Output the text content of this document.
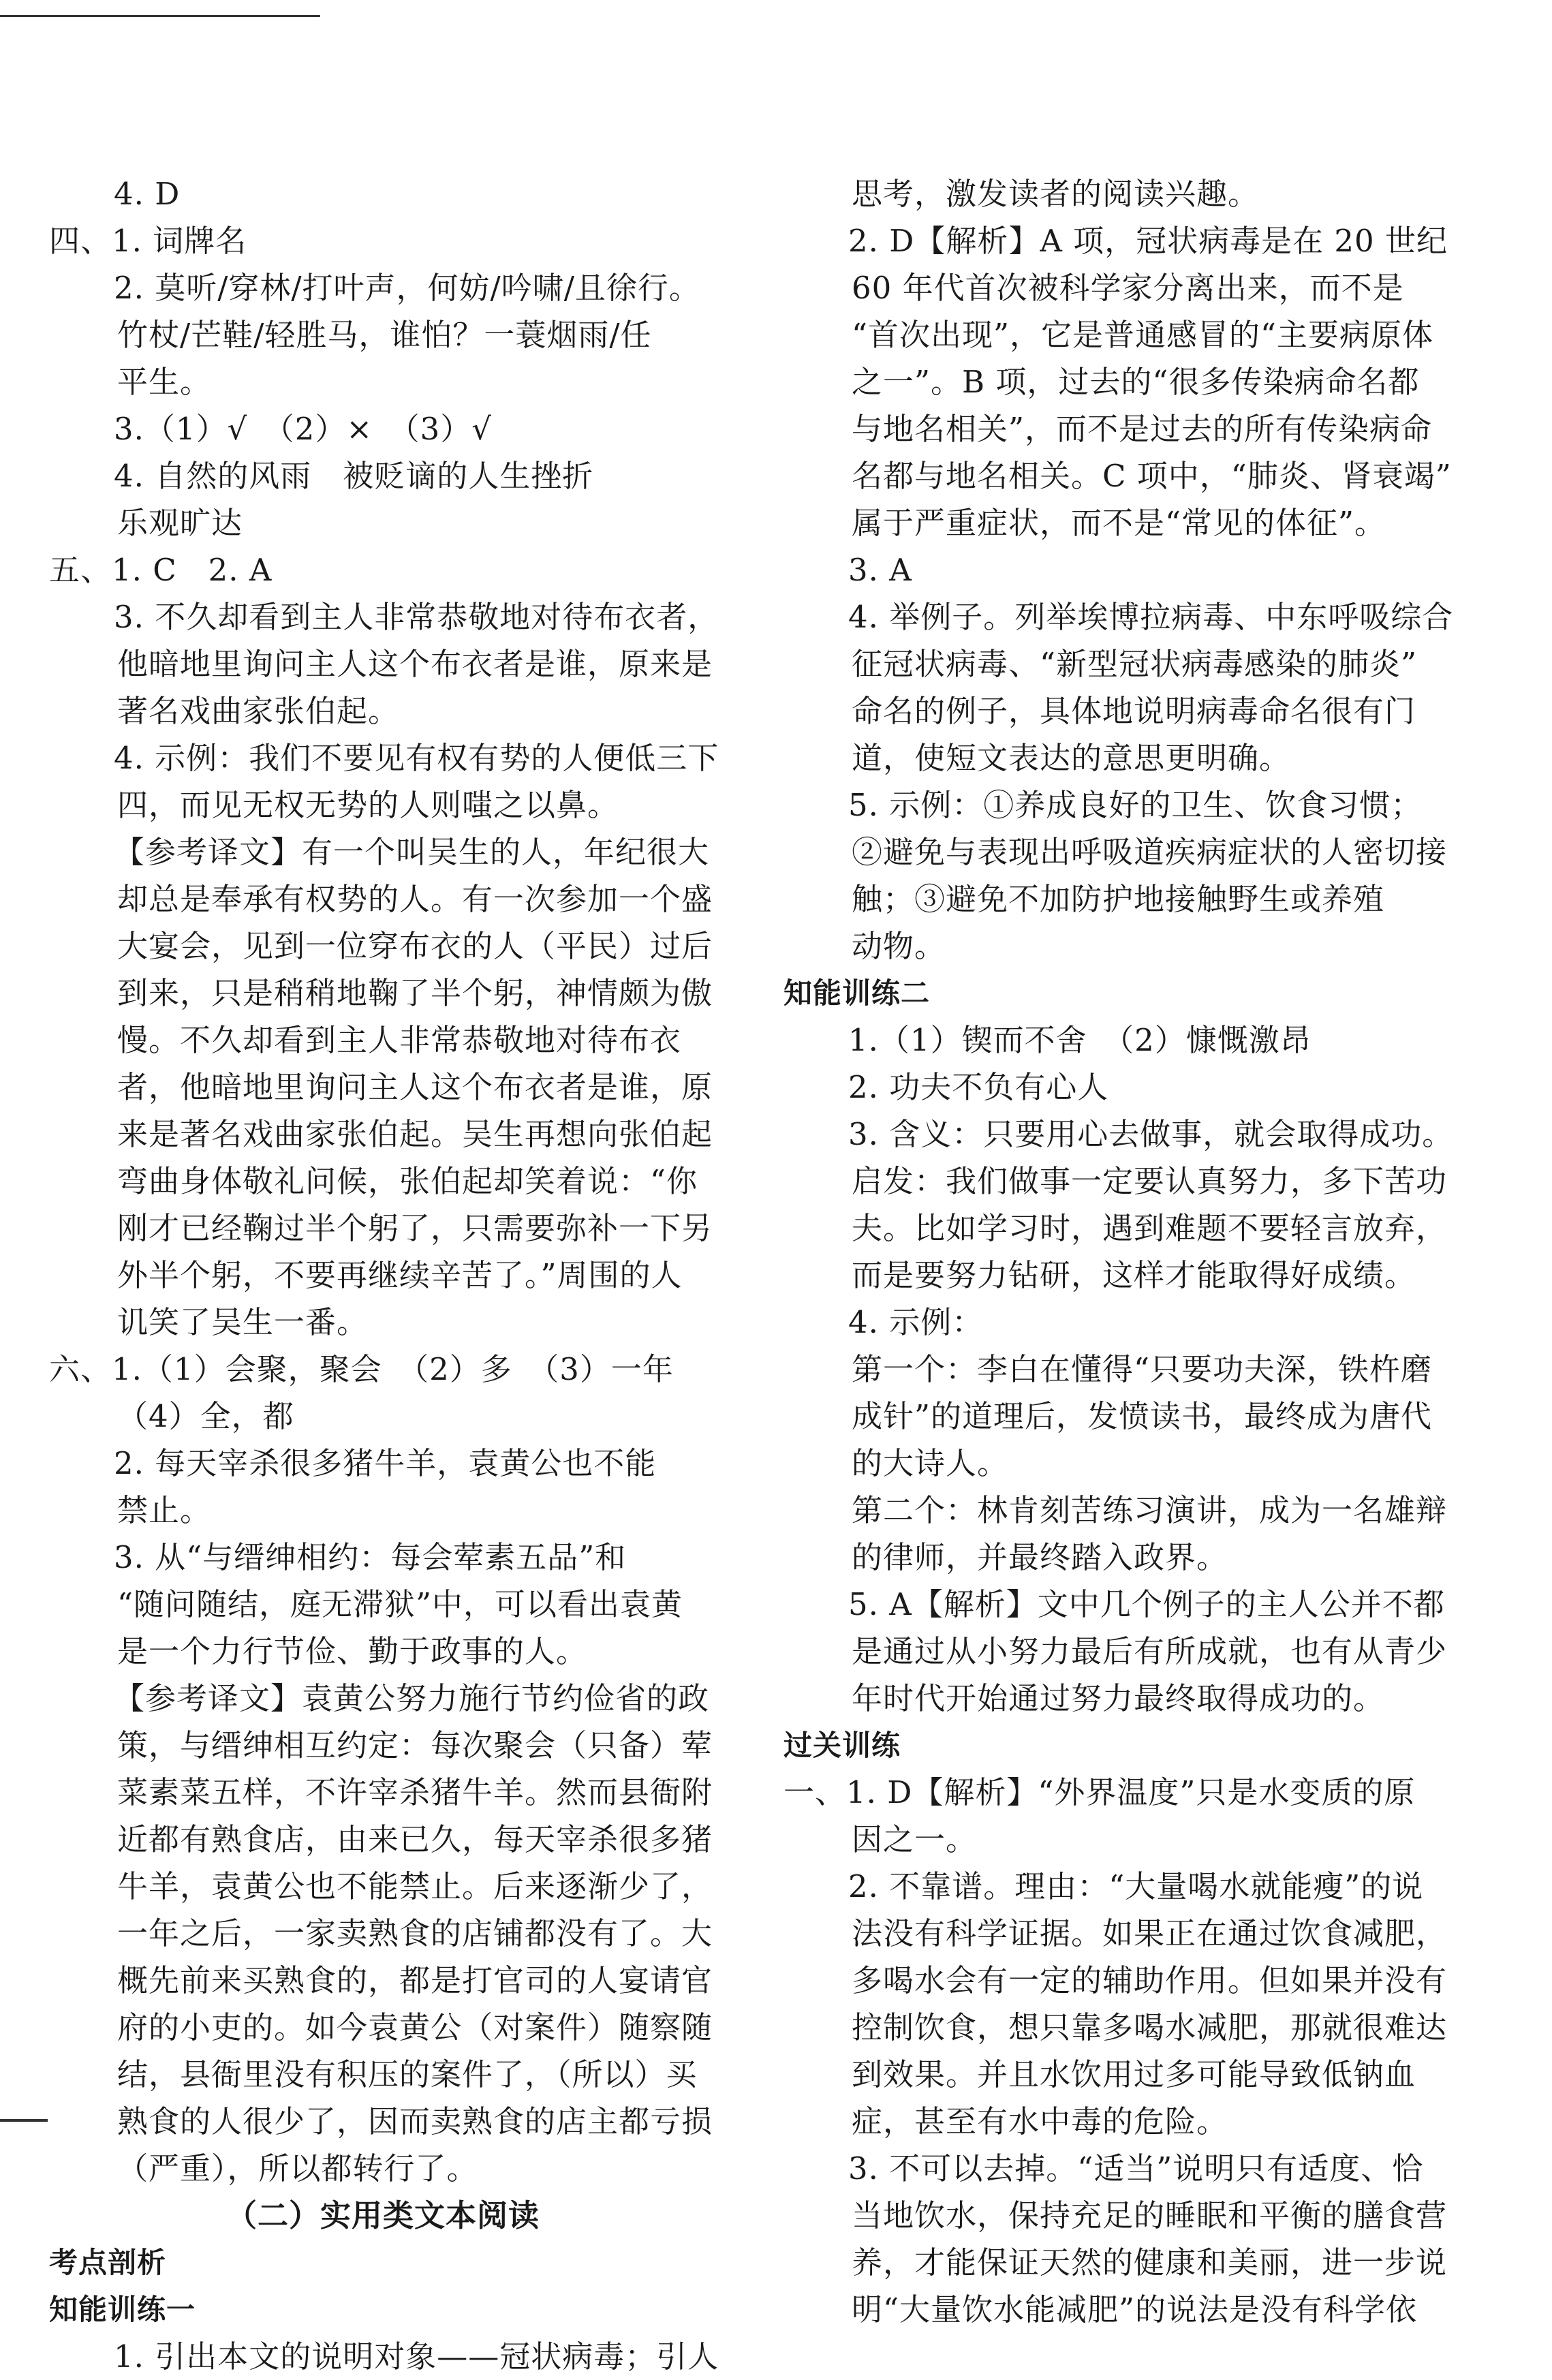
4. D
四、1. 词牌名
2. 莫听/穿林/打叶声，何妨/吟啸/且徐行。
竹杖/芒鞋/轻胜马，谁怕？一蓑烟雨/任
平生。
3.（1）√　（2）×　（3）√
4. 自然的风雨　被贬谪的人生挫折
乐观旷达
五、1. C　2. A
3. 不久却看到主人非常恭敬地对待布衣者，
他暗地里询问主人这个布衣者是谁，原来是
著名戏曲家张伯起。
4. 示例：我们不要见有权有势的人便低三下
四，而见无权无势的人则嗤之以鼻。
【参考译文】有一个叫吴生的人，年纪很大
却总是奉承有权势的人。有一次参加一个盛
大宴会，见到一位穿布衣的人（平民）过后
到来，只是稍稍地鞠了半个躬，神情颇为傲
慢。不久却看到主人非常恭敬地对待布衣
者，他暗地里询问主人这个布衣者是谁，原
来是著名戏曲家张伯起。吴生再想向张伯起
弯曲身体敬礼问候，张伯起却笑着说：“你
刚才已经鞠过半个躬了，只需要弥补一下另
外半个躬，不要再继续辛苦了。”周围的人
讥笑了吴生一番。
六、1.（1）会聚，聚会　（2）多　（3）一年
（4）全，都
2. 每天宰杀很多猪牛羊，袁黄公也不能
禁止。
3. 从“与缙绅相约：每会荤素五品”和
“随问随结，庭无滞狱”中，可以看出袁黄
是一个力行节俭、勤于政事的人。
【参考译文】袁黄公努力施行节约俭省的政
策，与缙绅相互约定：每次聚会（只备）荤
菜素菜五样，不许宰杀猪牛羊。然而县衙附
近都有熟食店，由来已久，每天宰杀很多猪
牛羊，袁黄公也不能禁止。后来逐渐少了，
一年之后，一家卖熟食的店铺都没有了。大
概先前来买熟食的，都是打官司的人宴请官
府的小吏的。如今袁黄公（对案件）随察随
结，县衙里没有积压的案件了，（所以）买
熟食的人很少了，因而卖熟食的店主都亏损
（严重），所以都转行了。
（二）实用类文本阅读
考点剖析
知能训练一
1. 引出本文的说明对象——冠状病毒；引人
思考，激发读者的阅读兴趣。
2. D【解析】A 项，冠状病毒是在 20 世纪
60 年代首次被科学家分离出来，而不是
“首次出现”，它是普通感冒的“主要病原体
之一”。B 项，过去的“很多传染病命名都
与地名相关”，而不是过去的所有传染病命
名都与地名相关。C 项中，“肺炎、肾衰竭”
属于严重症状，而不是“常见的体征”。
3. A
4. 举例子。列举埃博拉病毒、中东呼吸综合
征冠状病毒、“新型冠状病毒感染的肺炎”
命名的例子，具体地说明病毒命名很有门
道，使短文表达的意思更明确。
5. 示例：①养成良好的卫生、饮食习惯；
②避免与表现出呼吸道疾病症状的人密切接
触；③避免不加防护地接触野生或养殖
动物。
知能训练二
1.（1）锲而不舍　（2）慷慨激昂
2. 功夫不负有心人
3. 含义：只要用心去做事，就会取得成功。
启发：我们做事一定要认真努力，多下苦功
夫。比如学习时，遇到难题不要轻言放弃，
而是要努力钻研，这样才能取得好成绩。
4. 示例：
第一个：李白在懂得“只要功夫深，铁杵磨
成针”的道理后，发愤读书，最终成为唐代
的大诗人。
第二个：林肯刻苦练习演讲，成为一名雄辩
的律师，并最终踏入政界。
5. A【解析】文中几个例子的主人公并不都
是通过从小努力最后有所成就，也有从青少
年时代开始通过努力最终取得成功的。
过关训练
一、1. D【解析】“外界温度”只是水变质的原
因之一。
2. 不靠谱。理由：“大量喝水就能瘦”的说
法没有科学证据。如果正在通过饮食减肥，
多喝水会有一定的辅助作用。但如果并没有
控制饮食，想只靠多喝水减肥，那就很难达
到效果。并且水饮用过多可能导致低钠血
症，甚至有水中毒的危险。
3. 不可以去掉。“适当”说明只有适度、恰
当地饮水，保持充足的睡眠和平衡的膳食营
养，才能保证天然的健康和美丽，进一步说
明“大量饮水能减肥”的说法是没有科学依
